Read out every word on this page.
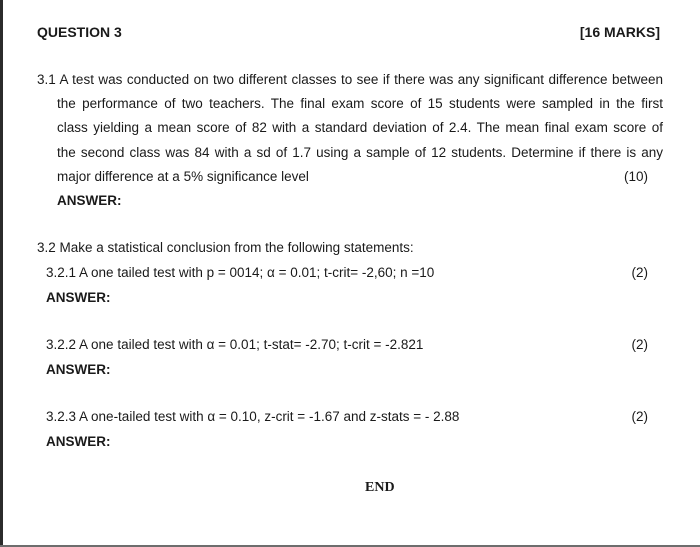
QUESTION 3	[16 MARKS]
3.1 A test was conducted on two different classes to see if there was any significant difference between
the performance of two teachers. The final exam score of 15 students were sampled in the first
class yielding a mean score of 82 with a standard deviation of 2.4. The mean final exam score of
the second class was 84 with a sd of 1.7 using a sample of 12 students. Determine if there is any
major difference at a 5% significance level	(10)
ANSWER:
3.2 Make a statistical conclusion from the following statements:
3.2.1 A one tailed test with p = 0014; α = 0.01; t-crit= -2,60; n =10	(2)
ANSWER:
3.2.2 A one tailed test with α = 0.01; t-stat= -2.70; t-crit = -2.821	(2)
ANSWER:
3.2.3 A one-tailed test with α = 0.10, z-crit = -1.67 and z-stats = - 2.88	(2)
ANSWER:
END
